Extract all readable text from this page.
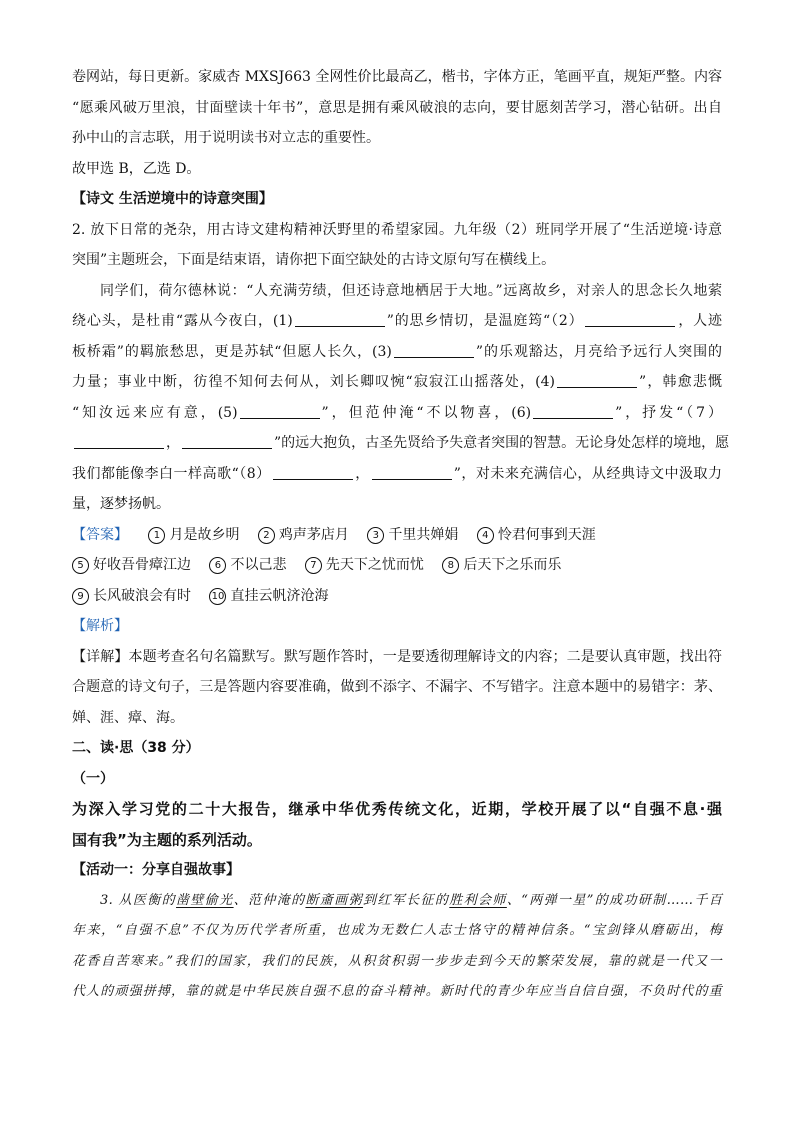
卷网站，每日更新。家威杏 MXSJ663 全网性价比最高乙，楷书，字体方正，笔画平直，规矩严整。内容
“愿乘风破万里浪，甘面壁读十年书”，意思是拥有乘风破浪的志向，要甘愿刻苦学习，潜心钻研。出自
孙中山的言志联，用于说明读书对立志的重要性。
故甲选 B，乙选 D。
【诗文 生活逆境中的诗意突围】
2. 放下日常的尧杂，用古诗文建构精神沃野里的希望家园。九年级（2）班同学开展了“生活逆境·诗意
突围”主题班会，下面是结束语，请你把下面空缺处的古诗文原句写在横线上。
同学们，荷尔德林说：“人充满劳绩，但还诗意地栖居于大地。”远离故乡，对亲人的思念长久地萦
绕心头，是杜甫“露从今夜白，(1)	”的思乡情切，是温庭筠“（2）	，人迹
板桥霜”的羁旅愁思，更是苏轼“但愿人长久，(3)	”的乐观豁达，月亮给予远行人突围的
力量；事业中断，彷徨不知何去何从，刘长卿叹惋“寂寂江山摇落处，(4)	”，韩愈悲慨
“知汝远来应有意，(5)	”，但范仲淹“不以物喜，(6)	”，抒发“（7）
，	”的远大抱负，古圣先贤给予失意者突围的智慧。无论身处怎样的境地，愿
我们都能像李白一样高歌“（8）	，	”，对未来充满信心，从经典诗文中汲取力
量，逐梦扬帆。
【答案】	1 月是故乡明 2 鸡声茅店月 3 千里共婵娟 4 怜君何事到天涯
5 好收吾骨瘴江边 6 不以己悲 7 先天下之忧而忧 8 后天下之乐而乐
9 长风破浪会有时 10 直挂云帆济沧海
【解析】
【详解】本题考查名句名篇默写。默写题作答时，一是要透彻理解诗文的内容；二是要认真审题，找出符
合题意的诗文句子，三是答题内容要准确，做到不添字、不漏字、不写错字。注意本题中的易错字：茅、
婵、涯、瘴、海。
二、读·思（38 分）
（一）
为深入学习党的二十大报告，继承中华优秀传统文化，近期，学校开展了以“自强不息·强
国有我”为主题的系列活动。
【活动一：分享自强故事】
3. 从医衡的凿壁偷光、范仲淹的断齑画粥到红军长征的胜利会师、“两弹一星”的成功研制……千百
年来，“自强不息”不仅为历代学者所重，也成为无数仁人志士恪守的精神信条。“宝剑锋从磨砺出，梅
花香自苦寒来。”我们的国家，我们的民族，从积贫积弱一步步走到今天的繁荣发展，靠的就是一代又一
代人的顽强拼搏，靠的就是中华民族自强不息的奋斗精神。新时代的青少年应当自信自强，不负时代的重
